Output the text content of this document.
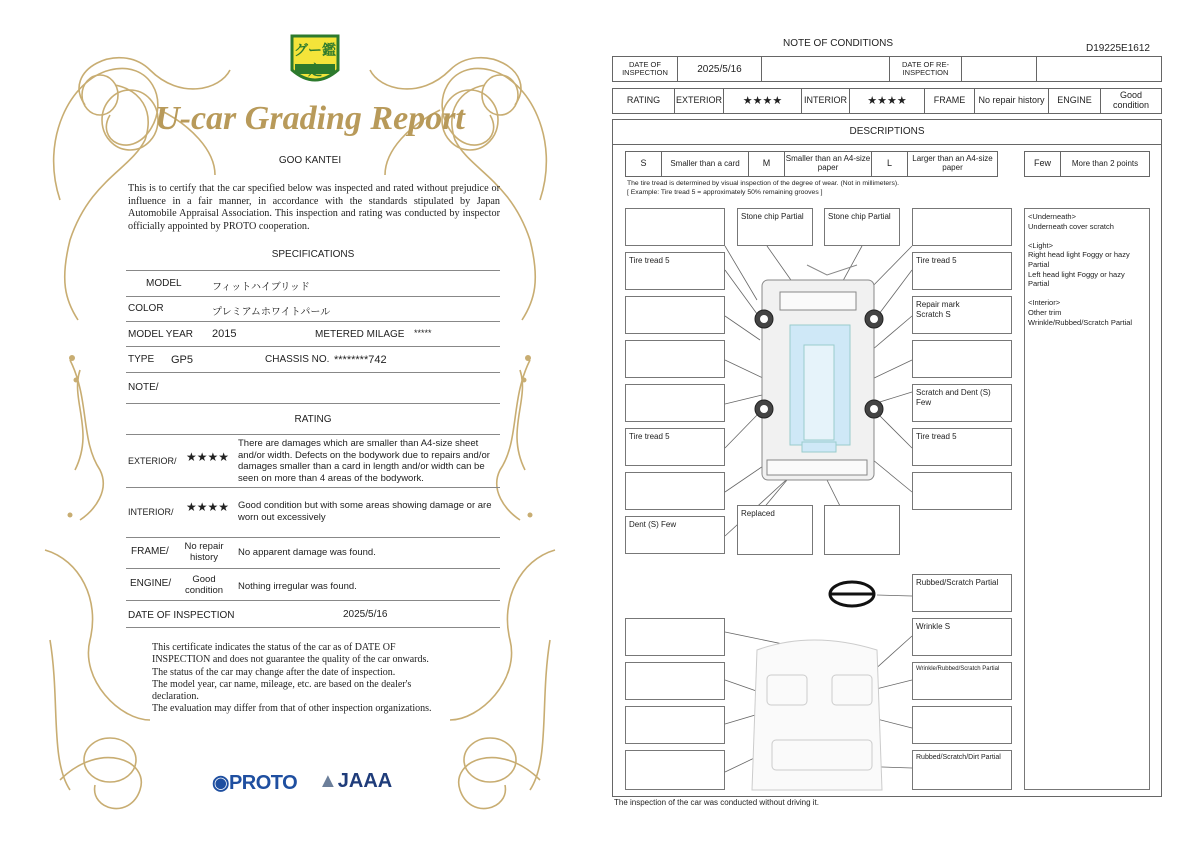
グー鑑定
U-car Grading Report
GOO KANTEI
This is to certify that the car specified below was inspected and rated without prejudice or influence in a fair manner, in accordance with the standards stipulated by Japan Automobile Appraisal Association. This inspection and rating was conducted by inspector officially appointed by PROTO cooperation.
SPECIFICATIONS
MODEL	フィットハイブリッド
COLOR	プレミアムホワイトパール
MODEL YEAR 2015	METERED MILAGE *****
TYPE GP5	CHASSIS NO. ********742
NOTE/
RATING
EXTERIOR/ ★★★★
There are damages which are smaller than A4-size sheet and/or width. Defects on the bodywork due to repairs and/or damages smaller than a card in length and/or width can be seen on more than 4 areas of the bodywork.
INTERIOR/ ★★★★ Good condition but with some areas showing damage or are worn out excessively
FRAME/	No repair history	No apparent damage was found.
ENGINE/	Good condition	Nothing irregular was found.
DATE OF INSPECTION	2025/5/16
This certificate indicates the status of the car as of DATE OF
INSPECTION and does not guarantee the quality of the car onwards.
The status of the car may change after the date of inspection.
The model year, car name, mileage, etc. are based on the dealer's
declaration.
The evaluation may differ from that of other inspection organizations.
◉PROTO ▲JAAA
NOTE OF CONDITIONS	D19225E1612
DATE OF INSPECTION	2025/5/16		DATE OF RE-INSPECTION		
RATING	EXTERIOR	★★★★	INTERIOR	★★★★	FRAME	No repair history	ENGINE	Good condition
DESCRIPTIONS
S	Smaller than a card	M	Smaller than an A4-size paper	L	Larger than an A4-size paper	Few	More than 2 points
The tire tread is determined by visual inspection of the degree of wear. (Not in millimeters).
[ Example: Tire tread 5 = approximately 50% remaining grooves ]
Tire tread 5
Tire tread 5
Dent (S) Few
Stone chip Partial	Stone chip Partial
Replaced
Tire tread 5
Repair mark
Scratch S
Scratch and Dent (S) Few
Tire tread 5
Rubbed/Scratch Partial
Wrinkle S
Wrinkle/Rubbed/Scratch Partial
Rubbed/Scratch/Dirt Partial
<Underneath>
Underneath cover scratch
<Light>
Right head light Foggy or hazy Partial
Left head light Foggy or hazy Partial
<Interior>
Other trim
Wrinkle/Rubbed/Scratch Partial
The inspection of the car was conducted without driving it.
